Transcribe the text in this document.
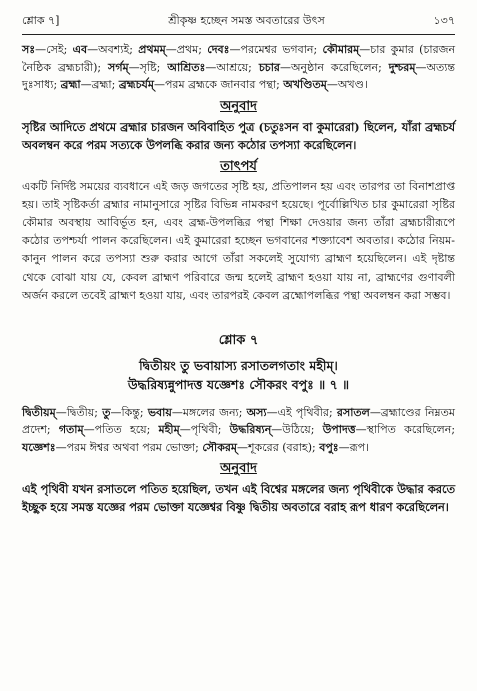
শ্লোক ৭]	শ্রীকৃষ্ণ হচ্ছেন সমস্ত অবতারের উৎস	১৩৭

সঃ—সেই; এব—অবশ্যই; প্রথমম্—প্রথম; দেবঃ—পরমেশ্বর ভগবান; কৌমারম্—চার কুমার (চারজন নৈষ্ঠিক ব্রহ্মচারী); সর্গম্—সৃষ্টি; আশ্রিতঃ—আশ্রয়ে; চচার—অনুষ্ঠান করেছিলেন; দুশ্চরম্—অত্যন্ত দুঃসাধ্য; ব্রহ্মা—ব্রহ্মা; ব্রহ্মচর্যম্—পরম ব্রহ্মকে জানবার পন্থা; অখণ্ডিতম্—অখণ্ড।

অনুবাদ

সৃষ্টির আদিতে প্রথমে ব্রহ্মার চারজন অবিবাহিত পুত্র (চতুঃসন বা কুমারেরা) ছিলেন, যাঁরা ব্রহ্মচর্য অবলম্বন করে পরম সত্যকে উপলব্ধি করার জন্য কঠোর তপস্যা করেছিলেন।

তাৎপর্য

একটি নির্দিষ্ট সময়ের ব্যবধানে এই জড় জগতের সৃষ্টি হয়, প্রতিপালন হয় এবং তারপর তা বিনাশপ্রাপ্ত হয়। তাই সৃষ্টিকর্তা ব্রহ্মার নামানুসারে সৃষ্টির বিভিন্ন নামকরণ হয়েছে। পূর্বোল্লিখিত চার কুমারেরা সৃষ্টির কৌমার অবস্থায় আবির্ভূত হন, এবং ব্রহ্ম-উপলব্ধির পন্থা শিক্ষা দেওয়ার জন্য তাঁরা ব্রহ্মচারীরূপে কঠোর তপশ্চর্যা পালন করেছিলেন। এই কুমারেরা হচ্ছেন ভগবানের শক্ত্যাবেশ অবতার। কঠোর নিয়ম-কানুন পালন করে তপস্যা শুরু করার আগে তাঁরা সকলেই সুযোগ্য ব্রাহ্মণ হয়েছিলেন। এই দৃষ্টান্ত থেকে বোঝা যায় যে, কেবল ব্রাহ্মণ পরিবারে জন্ম হলেই ব্রাহ্মণ হওয়া যায় না, ব্রাহ্মণের গুণাবলী অর্জন করলে তবেই ব্রাহ্মণ হওয়া যায়, এবং তারপরই কেবল ব্রহ্মোপলব্ধির পন্থা অবলম্বন করা সম্ভব।

শ্লোক ৭
দ্বিতীয়ং তু ভবায়াস্য রসাতলগতাং মহীম্।
উদ্ধরিষ্যন্নুপাদত্ত যজ্ঞেশঃ সৌকরং বপুঃ ॥ ৭ ॥

দ্বিতীয়ম্—দ্বিতীয়; তু—কিন্তু; ভবায়—মঙ্গলের জন্য; অস্য—এই পৃথিবীর; রসাতল—ব্রহ্মাণ্ডের নিম্নতম প্রদেশ; গতাম্—পতিত হয়ে; মহীম্—পৃথিবী; উদ্ধরিষ্যন্—উঠিয়ে; উপাদত্ত—স্থাপিত করেছিলেন; যজ্ঞেশঃ—পরম ঈশ্বর অথবা পরম ভোক্তা; সৌকরম্—শূকরের (বরাহ); বপুঃ—রূপ।

অনুবাদ

এই পৃথিবী যখন রসাতলে পতিত হয়েছিল, তখন এই বিশ্বের মঙ্গলের জন্য পৃথিবীকে উদ্ধার করতে ইচ্ছুক হয়ে সমস্ত যজ্ঞের পরম ভোক্তা যজ্ঞেশ্বর বিষ্ণু দ্বিতীয় অবতারে বরাহ রূপ ধারণ করেছিলেন।
